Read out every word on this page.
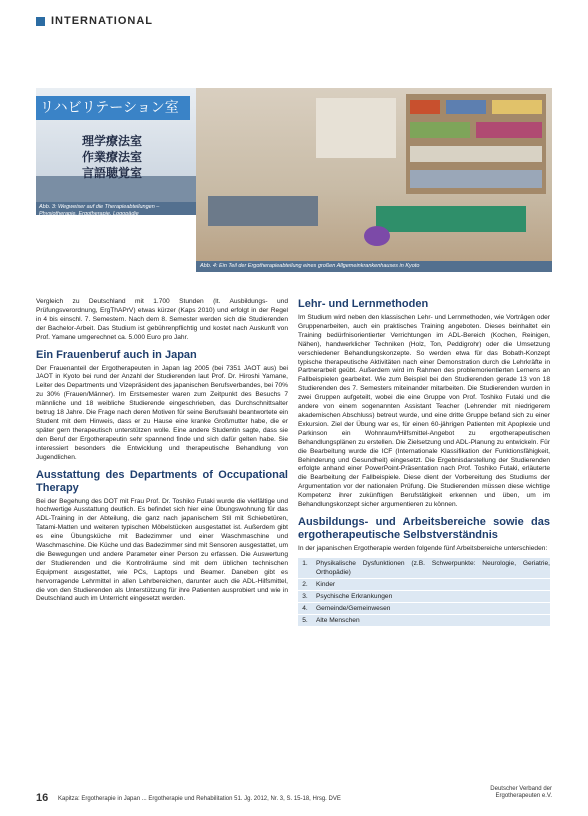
INTERNATIONAL
リハビリテーション室
理学療法室
作業療法室
言語聴覚室
Abb. 3: Wegweiser auf die Therapieabteilungen – Physiotherapie, Ergotherapie, Logopädie
Abb. 4: Ein Teil der Ergotherapieabteilung eines großen Allgemeinkrankenhauses in Kyoto

Vergleich zu Deutschland mit 1.700 Stunden (lt. Ausbildungs- und Prüfungsverordnung, ErgThAPrV) etwas kürzer (Kaps 2010) und erfolgt in der Regel in 4 bis einschl. 7. Semestern. Nach dem 8. Semester werden sich die Studierenden der Bachelor-Arbeit. Das Studium ist gebührenpflichtig und kostet nach Auskunft von Prof. Yamane umgerechnet ca. 5.000 Euro pro Jahr.

Ein Frauenberuf auch in Japan

Der Frauenanteil der Ergotherapeuten in Japan lag 2005 (bei 7351 JAOT aus) bei JAOT in Kyoto bei rund der Anzahl der Studierenden laut Prof. Dr. Hiroshi Yamane, Leiter des Departments und Vizepräsident des japanischen Berufsverbandes, bei 70% zu 30% (Frauen/Männer). Im Erstsemester waren zum Zeitpunkt des Besuchs 7 männliche und 18 weibliche Studierende eingeschrieben, das Durchschnittsalter betrug 18 Jahre. Die Frage nach deren Motiven für seine Berufswahl beantwortete ein Student mit dem Hinweis, dass er zu Hause eine kranke Großmutter habe, die er später gern therapeutisch unterstützen wolle. Eine andere Studentin sagte, dass sie den Beruf der Ergotherapeutin sehr spannend finde und sich dafür gelten habe. Sie interessiert besonders die Entwicklung und therapeutische Behandlung von Jugendlichen.

Ausstattung des Departments of Occupational Therapy

Bei der Begehung des DOT mit Frau Prof. Dr. Toshiko Futaki wurde die vielfältige und hochwertige Ausstattung deutlich. Es befindet sich hier eine Übungswohnung für das ADL-Training in der Abteilung, die ganz nach japanischem Stil mit Schiebetüren, Tatami-Matten und weiteren typischen Möbelstücken ausgestattet ist. Außerdem gibt es eine Übungsküche mit Badezimmer und einer Waschmaschine und Waschmaschine. Die Küche und das Badezimmer sind mit Sensoren ausgestattet, um die Bewegungen und andere Parameter einer Person zu erfassen. Die Auswertung der Studierenden und die Kontrollräume sind mit dem üblichen technischen Equipment ausgestattet, wie PCs, Laptops und Beamer. Daneben gibt es hervorragende Lehrmittel in allen Lehrbereichen, darunter auch die ADL-Hilfsmittel, die von den Studierenden als Unterstützung für ihre Patienten ausprobiert und wie in Deutschland auch im Unterricht eingesetzt werden.

Lehr- und Lernmethoden

Im Studium wird neben den klassischen Lehr- und Lernmethoden, wie Vorträgen oder Gruppenarbeiten, auch ein praktisches Training angeboten. Dieses beinhaltet ein Training bedürfnisorientierter Verrichtungen im ADL-Bereich (Kochen, Reinigen, Nähen), handwerklicher Techniken (Holz, Ton, Peddigrohr) oder die Umsetzung verschiedener Behandlungskonzepte. So werden etwa für das Bobath-Konzept typische therapeutische Aktivitäten nach einer Demonstration durch die Lehrkräfte in Partnerarbeit geübt. Außerdem wird im Rahmen des problemorientierten Lernens an Fallbeispielen gearbeitet. Wie zum Beispiel bei den Studierenden gerade 13 von 18 Studierenden des 7. Semesters miteinander mitarbeiten. Die Studierenden wurden in zwei Gruppen aufgeteilt, wobei die eine Gruppe von Prof. Toshiko Futaki und die andere von einem sogenannten Assistant Teacher (Lehrender mit niedrigerem akademischen Abschluss) betreut wurde, und eine dritte Gruppe befand sich zu einer Exkursion. Ziel der Übung war es, für einen 60-jährigen Patienten mit Apoplexie und Parkinson ein Wohnraum/Hilfsmittel-Angebot zu ergotherapeutischen Behandlungsplänen zu erstellen. Die Zielsetzung und ADL-Planung zu entwickeln. Für die Bearbeitung wurde die ICF (Internationale Klassifikation der Funktionsfähigkeit, Behinderung und Gesundheit) eingesetzt. Die Ergebnisdarstellung der Studierenden erfolgte anhand einer PowerPoint-Präsentation nach Prof. Toshiko Futaki, erläuterte die Bearbeitung der Fallbeispiele. Diese dient der Vorbereitung des Studiums der Argumentation vor der nationalen Prüfung. Die Studierenden müssen diese wichtige Kompetenz ihrer zukünftigen Berufstätigkeit erkennen und üben, um im Behandlungskonzept sicher argumentieren zu können.

Ausbildungs- und Arbeitsbereiche sowie das ergotherapeutische Selbstverständnis

In der japanischen Ergotherapie werden folgende fünf Arbeitsbereiche unterschieden:

1.	Physikalische Dysfunktionen (z.B. Schwerpunkte: Neurologie, Geriatrie, Orthopädie)
2.	Kinder
3.	Psychische Erkrankungen
4.	Gemeinde/Gemeinwesen
5.	Alte Menschen
16 Kapitza: Ergotherapie in Japan ... Ergotherapie und Rehabilitation 51. Jg. 2012, Nr. 3, S. 15-18, Hrsg. DVE
Deutscher Verband der
Ergotherapeuten e.V.
